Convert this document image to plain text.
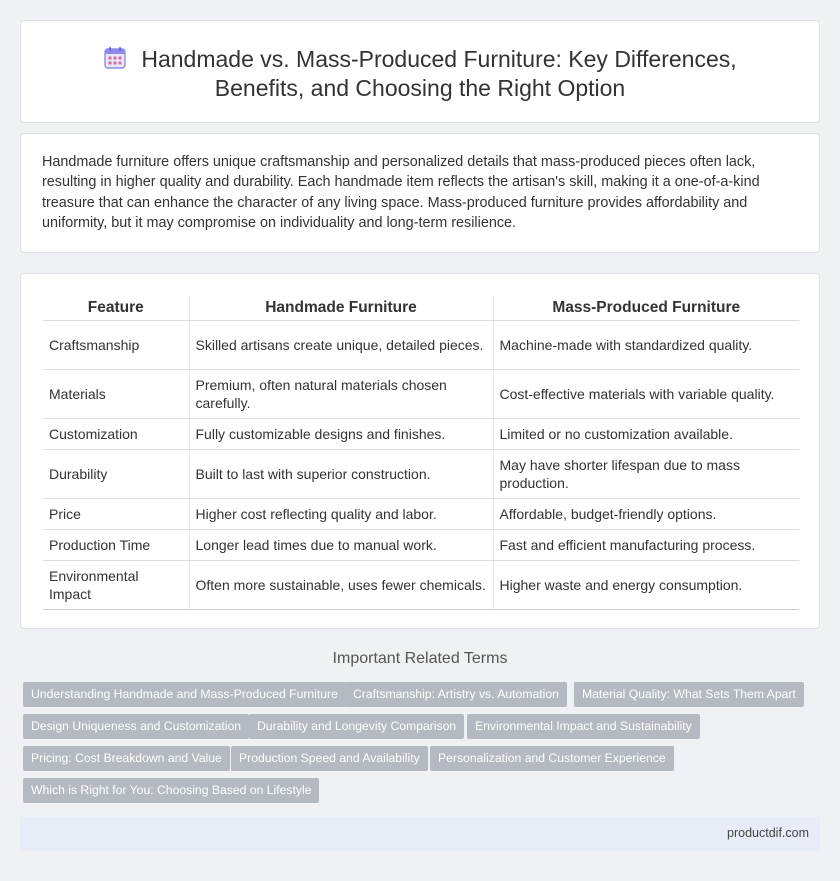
Handmade vs. Mass-Produced Furniture: Key Differences,
Benefits, and Choosing the Right Option

Handmade furniture offers unique craftsmanship and personalized details that mass-produced pieces often lack, resulting in higher quality and durability. Each handmade item reflects the artisan's skill, making it a one-of-a-kind treasure that can enhance the character of any living space. Mass-produced furniture provides affordability and uniformity, but it may compromise on individuality and long-term resilience.

Feature	Handmade Furniture	Mass-Produced Furniture
Craftsmanship	Skilled artisans create unique, detailed pieces.	Machine-made with standardized quality.
Materials	Premium, often natural materials chosen carefully.	Cost-effective materials with variable quality.
Customization	Fully customizable designs and finishes.	Limited or no customization available.
Durability	Built to last with superior construction.	May have shorter lifespan due to mass production.
Price	Higher cost reflecting quality and labor.	Affordable, budget-friendly options.
Production Time	Longer lead times due to manual work.	Fast and efficient manufacturing process.
Environmental Impact	Often more sustainable, uses fewer chemicals.	Higher waste and energy consumption.
Important Related Terms
Understanding Handmade and Mass-Produced Furniture	Craftsmanship: Artistry vs. Automation	Material Quality: What Sets Them Apart
Design Uniqueness and Customization	Durability and Longevity Comparison	Environmental Impact and Sustainability
Pricing: Cost Breakdown and Value	Production Speed and Availability	Personalization and Customer Experience
Which is Right for You: Choosing Based on Lifestyle
productdif.com
